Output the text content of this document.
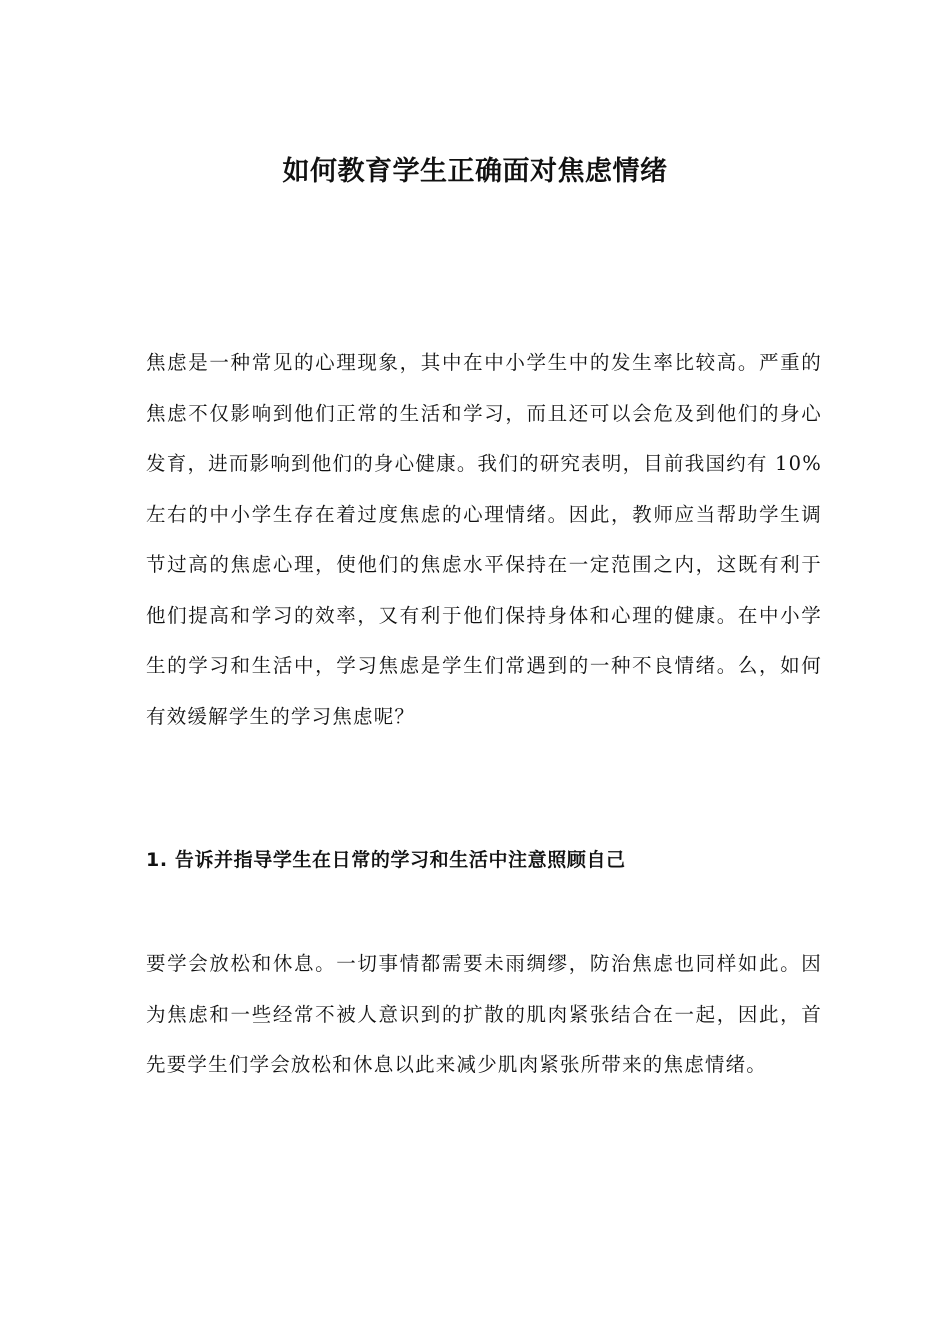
如何教育学生正确面对焦虑情绪

焦虑是一种常见的心理现象，其中在中小学生中的发生率比较高。严重的焦虑不仅影响到他们正常的生活和学习，而且还可以会危及到他们的身心发育，进而影响到他们的身心健康。我们的研究表明，目前我国约有 10%左右的中小学生存在着过度焦虑的心理情绪。因此，教师应当帮助学生调节过高的焦虑心理，使他们的焦虑水平保持在一定范围之内，这既有利于他们提高和学习的效率，又有利于他们保持身体和心理的健康。在中小学生的学习和生活中，学习焦虑是学生们常遇到的一种不良情绪。么，如何有效缓解学生的学习焦虑呢？

1. 告诉并指导学生在日常的学习和生活中注意照顾自己

要学会放松和休息。一切事情都需要未雨绸缪，防治焦虑也同样如此。因为焦虑和一些经常不被人意识到的扩散的肌肉紧张结合在一起，因此，首先要学生们学会放松和休息以此来减少肌肉紧张所带来的焦虑情绪。
